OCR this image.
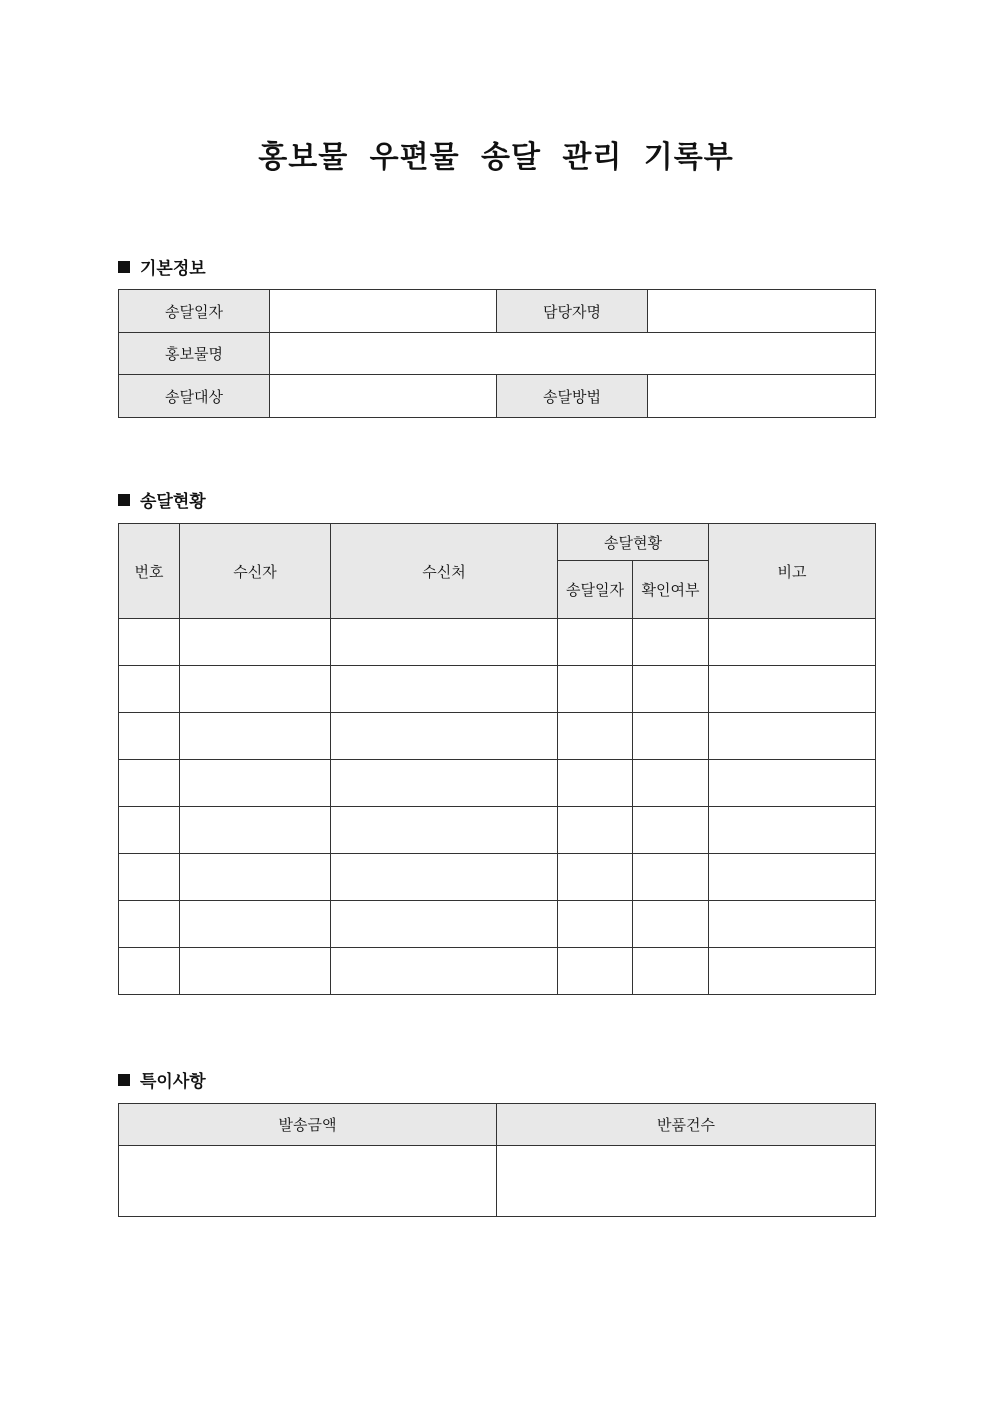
홍보물 우편물 송달 관리 기록부
기본정보
송달일자		담당자명	
홍보물명			
송달대상		송달방법	
송달현황
번호	수신자	수신처	송달현황		비고

			송달일자	확인여부	

특이사항
발송금액	반품건수
